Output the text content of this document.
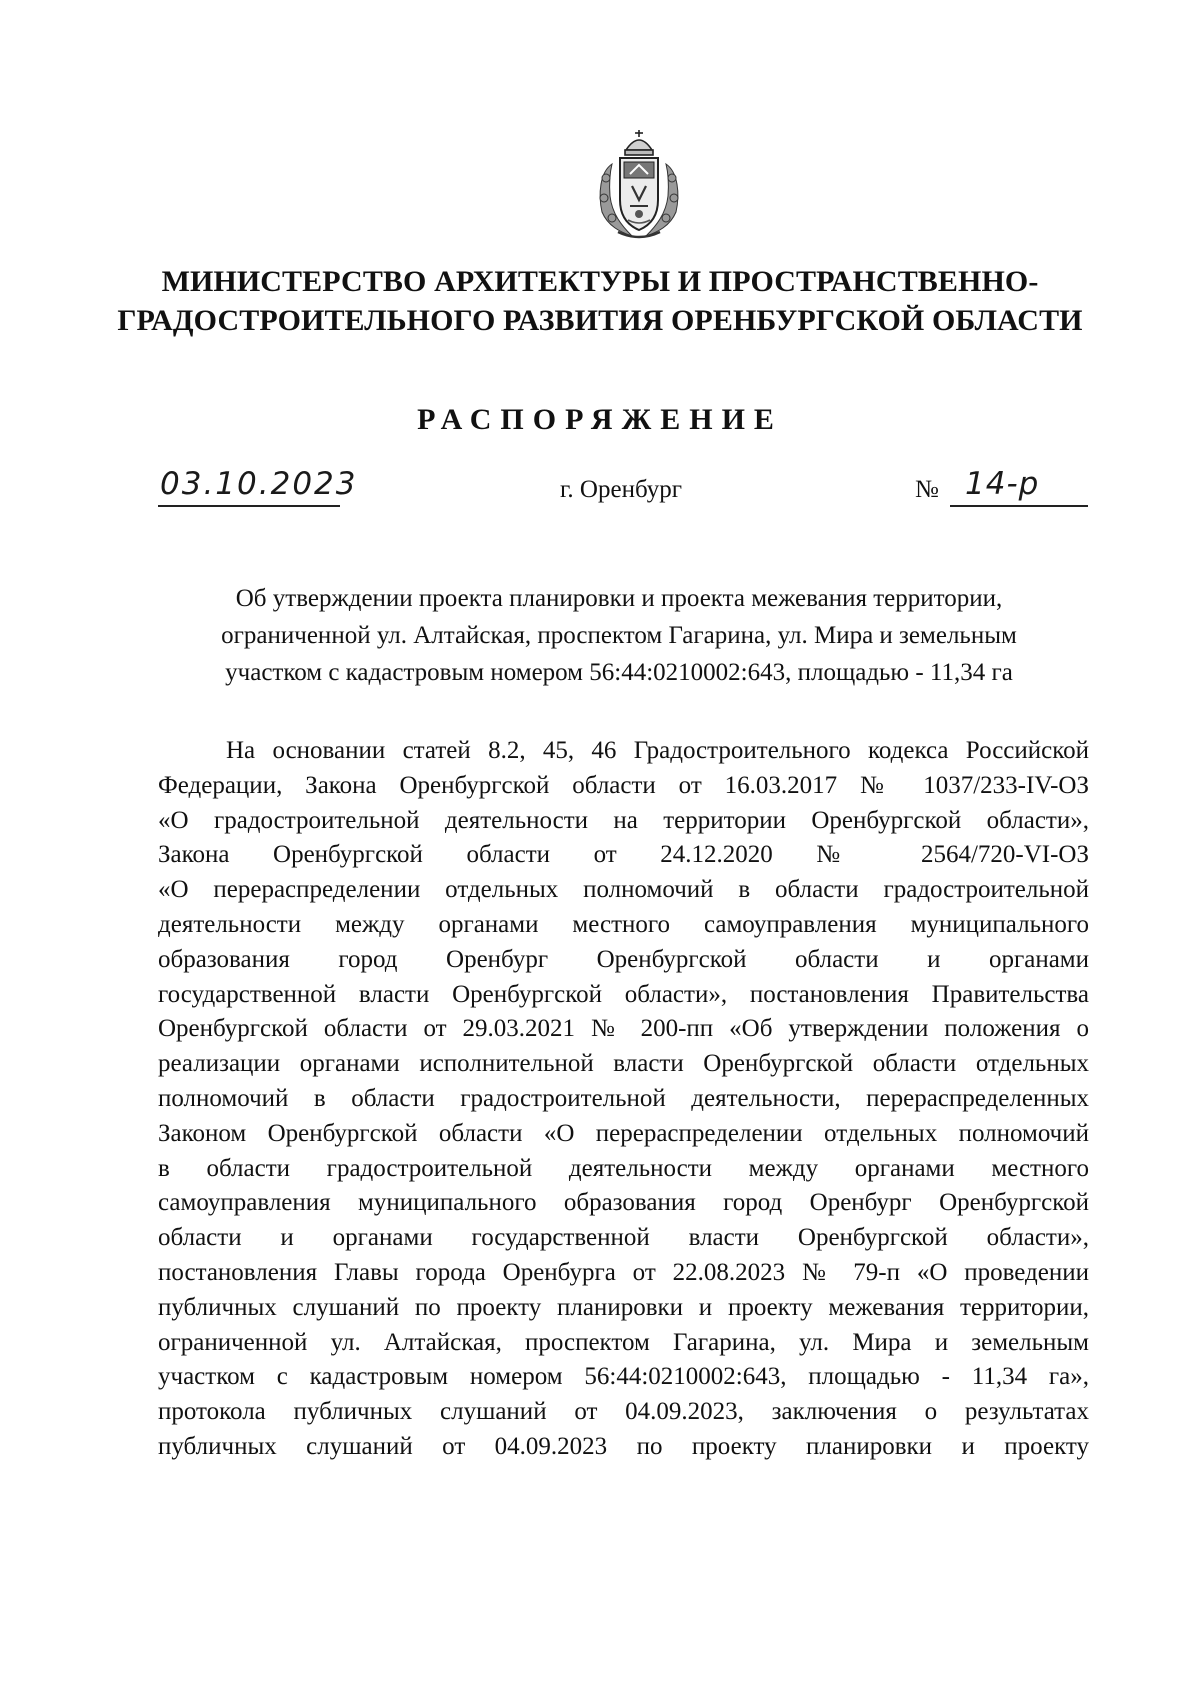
МИНИСТЕРСТВО АРХИТЕКТУРЫ И ПРОСТРАНСТВЕННО-
ГРАДОСТРОИТЕЛЬНОГО РАЗВИТИЯ ОРЕНБУРГСКОЙ ОБЛАСТИ
РАСПОРЯЖЕНИЕ
03.10.2023	г. Оренбург	№ 14-р
Об утверждении проекта планировки и проекта межевания территории,
ограниченной ул. Алтайская, проспектом Гагарина, ул. Мира и земельным
участком с кадастровым номером 56:44:0210002:643, площадью - 11,34 га
На основании статей 8.2, 45, 46 Градостроительного кодекса Российской
Федерации, Закона Оренбургской области от 16.03.2017 № 1037/233-IV-ОЗ
«О градостроительной деятельности на территории Оренбургской области»,
Закона Оренбургской области от 24.12.2020 № 2564/720-VI-ОЗ
«О перераспределении отдельных полномочий в области градостроительной
деятельности между органами местного самоуправления муниципального
образования город Оренбург Оренбургской области и органами
государственной власти Оренбургской области», постановления Правительства
Оренбургской области от 29.03.2021 № 200-пп «Об утверждении положения о
реализации органами исполнительной власти Оренбургской области отдельных
полномочий в области градостроительной деятельности, перераспределенных
Законом Оренбургской области «О перераспределении отдельных полномочий
в области градостроительной деятельности между органами местного
самоуправления муниципального образования город Оренбург Оренбургской
области и органами государственной власти Оренбургской области»,
постановления Главы города Оренбурга от 22.08.2023 № 79-п «О проведении
публичных слушаний по проекту планировки и проекту межевания территории,
ограниченной ул. Алтайская, проспектом Гагарина, ул. Мира и земельным
участком с кадастровым номером 56:44:0210002:643, площадью - 11,34 га»,
протокола публичных слушаний от 04.09.2023, заключения о результатах
публичных слушаний от 04.09.2023 по проекту планировки и проекту
